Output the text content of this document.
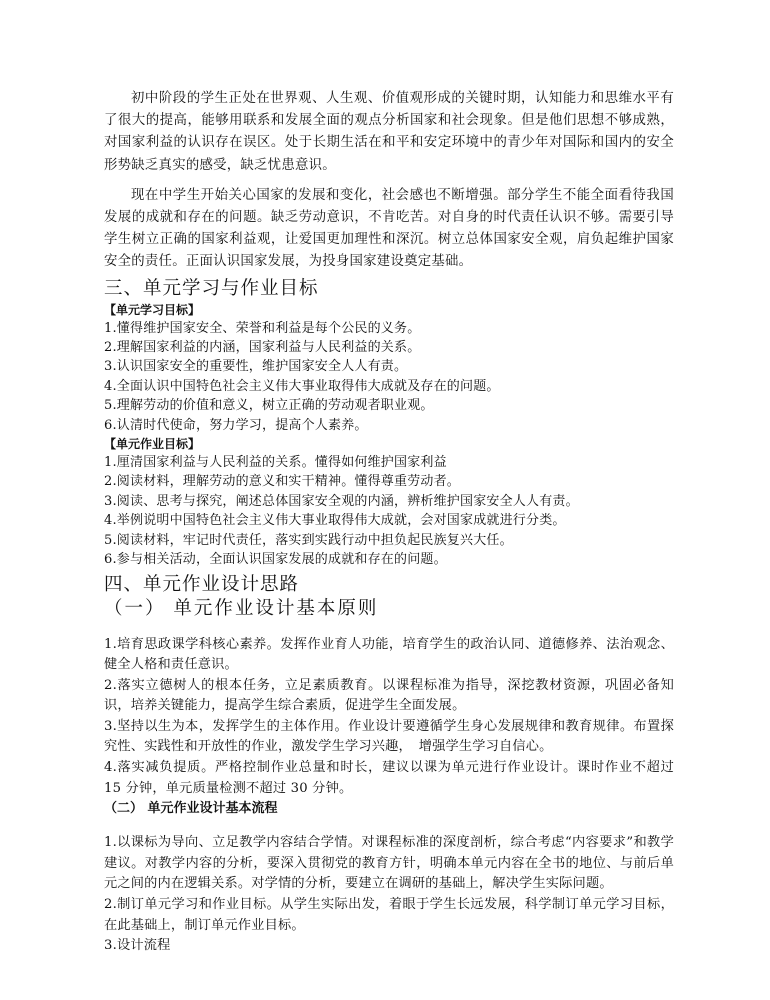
初中阶段的学生正处在世界观、人生观、价值观形成的关键时期，认知能力和思维水平有了很大的提高，能够用联系和发展全面的观点分析国家和社会现象。但是他们思想不够成熟，对国家利益的认识存在误区。处于长期生活在和平和安定环境中的青少年对国际和国内的安全形势缺乏真实的感受，缺乏忧患意识。

现在中学生开始关心国家的发展和变化，社会感也不断增强。部分学生不能全面看待我国发展的成就和存在的问题。缺乏劳动意识，不肯吃苦。对自身的时代责任认识不够。需要引导学生树立正确的国家利益观，让爱国更加理性和深沉。树立总体国家安全观，肩负起维护国家安全的责任。正面认识国家发展，为投身国家建设奠定基础。

三、单元学习与作业目标

【单元学习目标】

1.懂得维护国家安全、荣誉和利益是每个公民的义务。
2.理解国家利益的内涵，国家利益与人民利益的关系。
3.认识国家安全的重要性，维护国家安全人人有责。
4.全面认识中国特色社会主义伟大事业取得伟大成就及存在的问题。
5.理解劳动的价值和意义，树立正确的劳动观者职业观。
6.认清时代使命，努力学习，提高个人素养。

【单元作业目标】

1.厘清国家利益与人民利益的关系。懂得如何维护国家利益
2.阅读材料，理解劳动的意义和实干精神。懂得尊重劳动者。
3.阅读、思考与探究，阐述总体国家安全观的内涵，辨析维护国家安全人人有责。
4.举例说明中国特色社会主义伟大事业取得伟大成就，会对国家成就进行分类。
5.阅读材料，牢记时代责任，落实到实践行动中担负起民族复兴大任。
6.参与相关活动，全面认识国家发展的成就和存在的问题。
四、单元作业设计思路
（一） 单元作业设计基本原则

1.培育思政课学科核心素养。发挥作业育人功能，培育学生的政治认同、道德修养、法治观念、健全人格和责任意识。

2.落实立德树人的根本任务，立足素质教育。以课程标准为指导，深挖教材资源，巩固必备知识，培养关键能力，提高学生综合素质，促进学生全面发展。

3.坚持以生为本，发挥学生的主体作用。作业设计要遵循学生身心发展规律和教育规律。布置探究性、实践性和开放性的作业，激发学生学习兴趣，　增强学生学习自信心。

4.落实减负提质。严格控制作业总量和时长，建议以课为单元进行作业设计。课时作业不超过 15 分钟，单元质量检测不超过 30 分钟。

（二） 单元作业设计基本流程

1.以课标为导向、立足教学内容结合学情。对课程标准的深度剖析，综合考虑“内容要求”和教学建议。对教学内容的分析，要深入贯彻党的教育方针，明确本单元内容在全书的地位、与前后单元之间的内在逻辑关系。对学情的分析，要建立在调研的基础上，解决学生实际问题。

2.制订单元学习和作业目标。从学生实际出发，着眼于学生长远发展，科学制订单元学习目标，在此基础上，制订单元作业目标。

3.设计流程
